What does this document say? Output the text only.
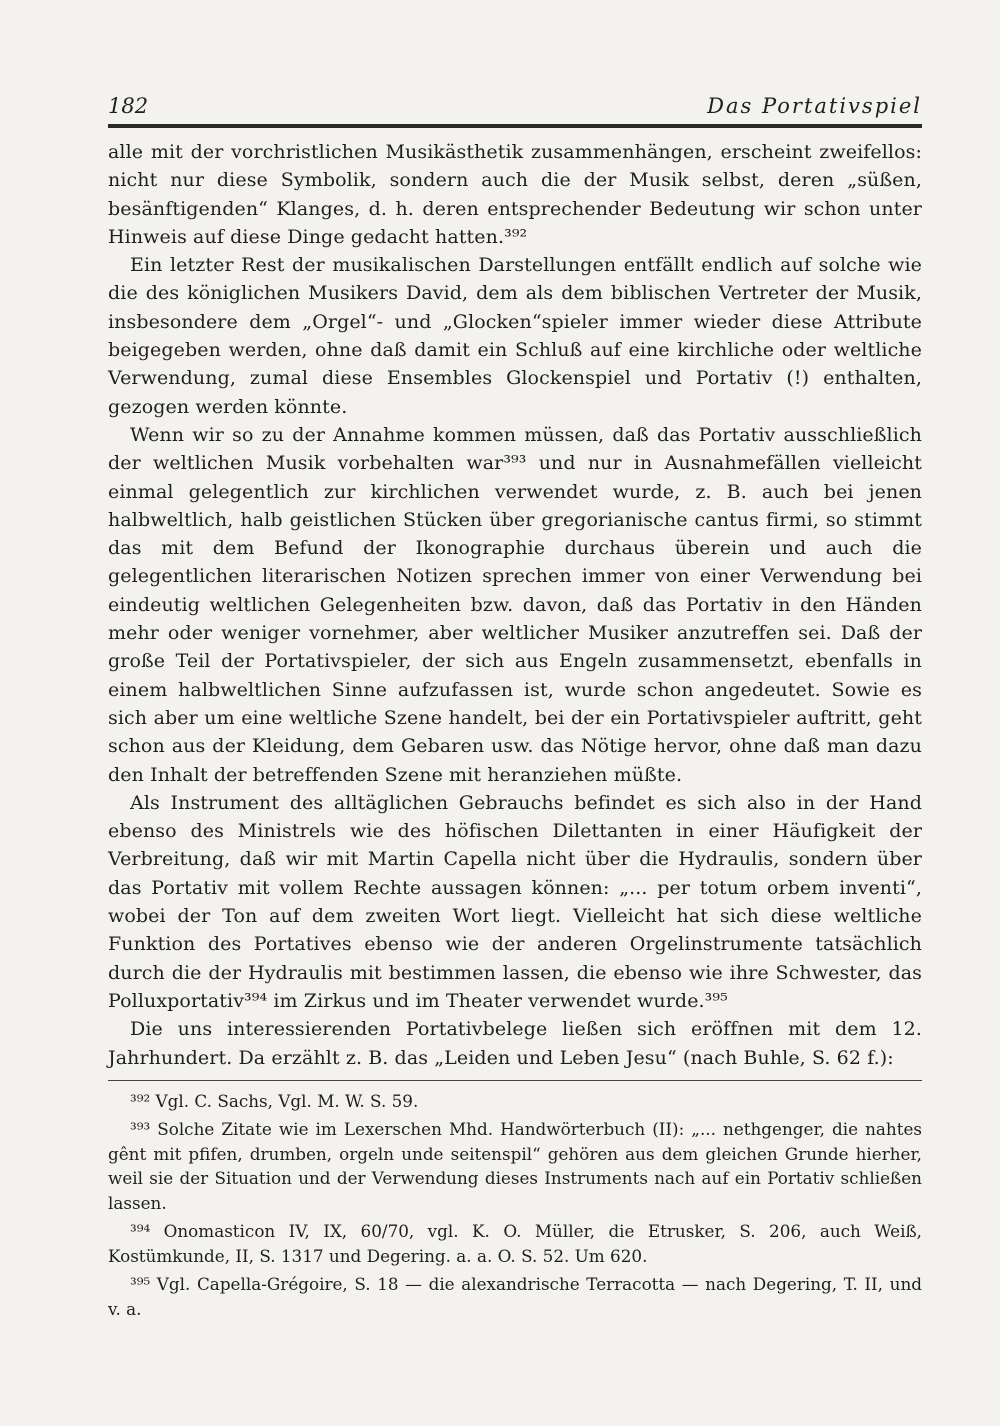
182	Das Portativspiel

alle mit der vorchristlichen Musikästhetik zusammenhängen, erscheint zweifellos: nicht nur diese Symbolik, sondern auch die der Musik selbst, deren „süßen, besänftigenden“ Klanges, d. h. deren entsprechender Bedeutung wir schon unter Hinweis auf diese Dinge gedacht hatten.³⁹²

Ein letzter Rest der musikalischen Darstellungen entfällt endlich auf solche wie die des königlichen Musikers David, dem als dem biblischen Vertreter der Musik, insbesondere dem „Orgel“- und „Glocken“spieler immer wieder diese Attribute beigegeben werden, ohne daß damit ein Schluß auf eine kirchliche oder weltliche Verwendung, zumal diese Ensembles Glockenspiel und Portativ (!) enthalten, gezogen werden könnte.

Wenn wir so zu der Annahme kommen müssen, daß das Portativ ausschließlich der weltlichen Musik vorbehalten war³⁹³ und nur in Ausnahmefällen vielleicht einmal gelegentlich zur kirchlichen verwendet wurde, z. B. auch bei jenen halbweltlich, halb geistlichen Stücken über gregorianische cantus firmi, so stimmt das mit dem Befund der Ikonographie durchaus überein und auch die gelegentlichen literarischen Notizen sprechen immer von einer Verwendung bei eindeutig weltlichen Gelegenheiten bzw. davon, daß das Portativ in den Händen mehr oder weniger vornehmer, aber weltlicher Musiker anzutreffen sei. Daß der große Teil der Portativspieler, der sich aus Engeln zusammensetzt, ebenfalls in einem halbweltlichen Sinne aufzufassen ist, wurde schon angedeutet. Sowie es sich aber um eine weltliche Szene handelt, bei der ein Portativspieler auftritt, geht schon aus der Kleidung, dem Gebaren usw. das Nötige hervor, ohne daß man dazu den Inhalt der betreffenden Szene mit heranziehen müßte.

Als Instrument des alltäglichen Gebrauchs befindet es sich also in der Hand ebenso des Ministrels wie des höfischen Dilettanten in einer Häufigkeit der Verbreitung, daß wir mit Martin Capella nicht über die Hydraulis, sondern über das Portativ mit vollem Rechte aussagen können: „... per totum orbem inventi“, wobei der Ton auf dem zweiten Wort liegt. Vielleicht hat sich diese weltliche Funktion des Portatives ebenso wie der anderen Orgelinstrumente tatsächlich durch die der Hydraulis mit bestimmen lassen, die ebenso wie ihre Schwester, das Polluxportativ³⁹⁴ im Zirkus und im Theater verwendet wurde.³⁹⁵

Die uns interessierenden Portativbelege ließen sich eröffnen mit dem 12. Jahrhundert. Da erzählt z. B. das „Leiden und Leben Jesu“ (nach Buhle, S. 62 f.):

³⁹² Vgl. C. Sachs, Vgl. M. W. S. 59.

³⁹³ Solche Zitate wie im Lexerschen Mhd. Handwörterbuch (II): „... nethgenger, die nahtes gênt mit pfifen, drumben, orgeln unde seitenspil“ gehören aus dem gleichen Grunde hierher, weil sie der Situation und der Verwendung dieses Instruments nach auf ein Portativ schließen lassen.

³⁹⁴ Onomasticon IV, IX, 60/70, vgl. K. O. Müller, die Etrusker, S. 206, auch Weiß, Kostümkunde, II, S. 1317 und Degering. a. a. O. S. 52. Um 620.

³⁹⁵ Vgl. Capella-Grégoire, S. 18 — die alexandrische Terracotta — nach Degering, T. II, und v. a.
